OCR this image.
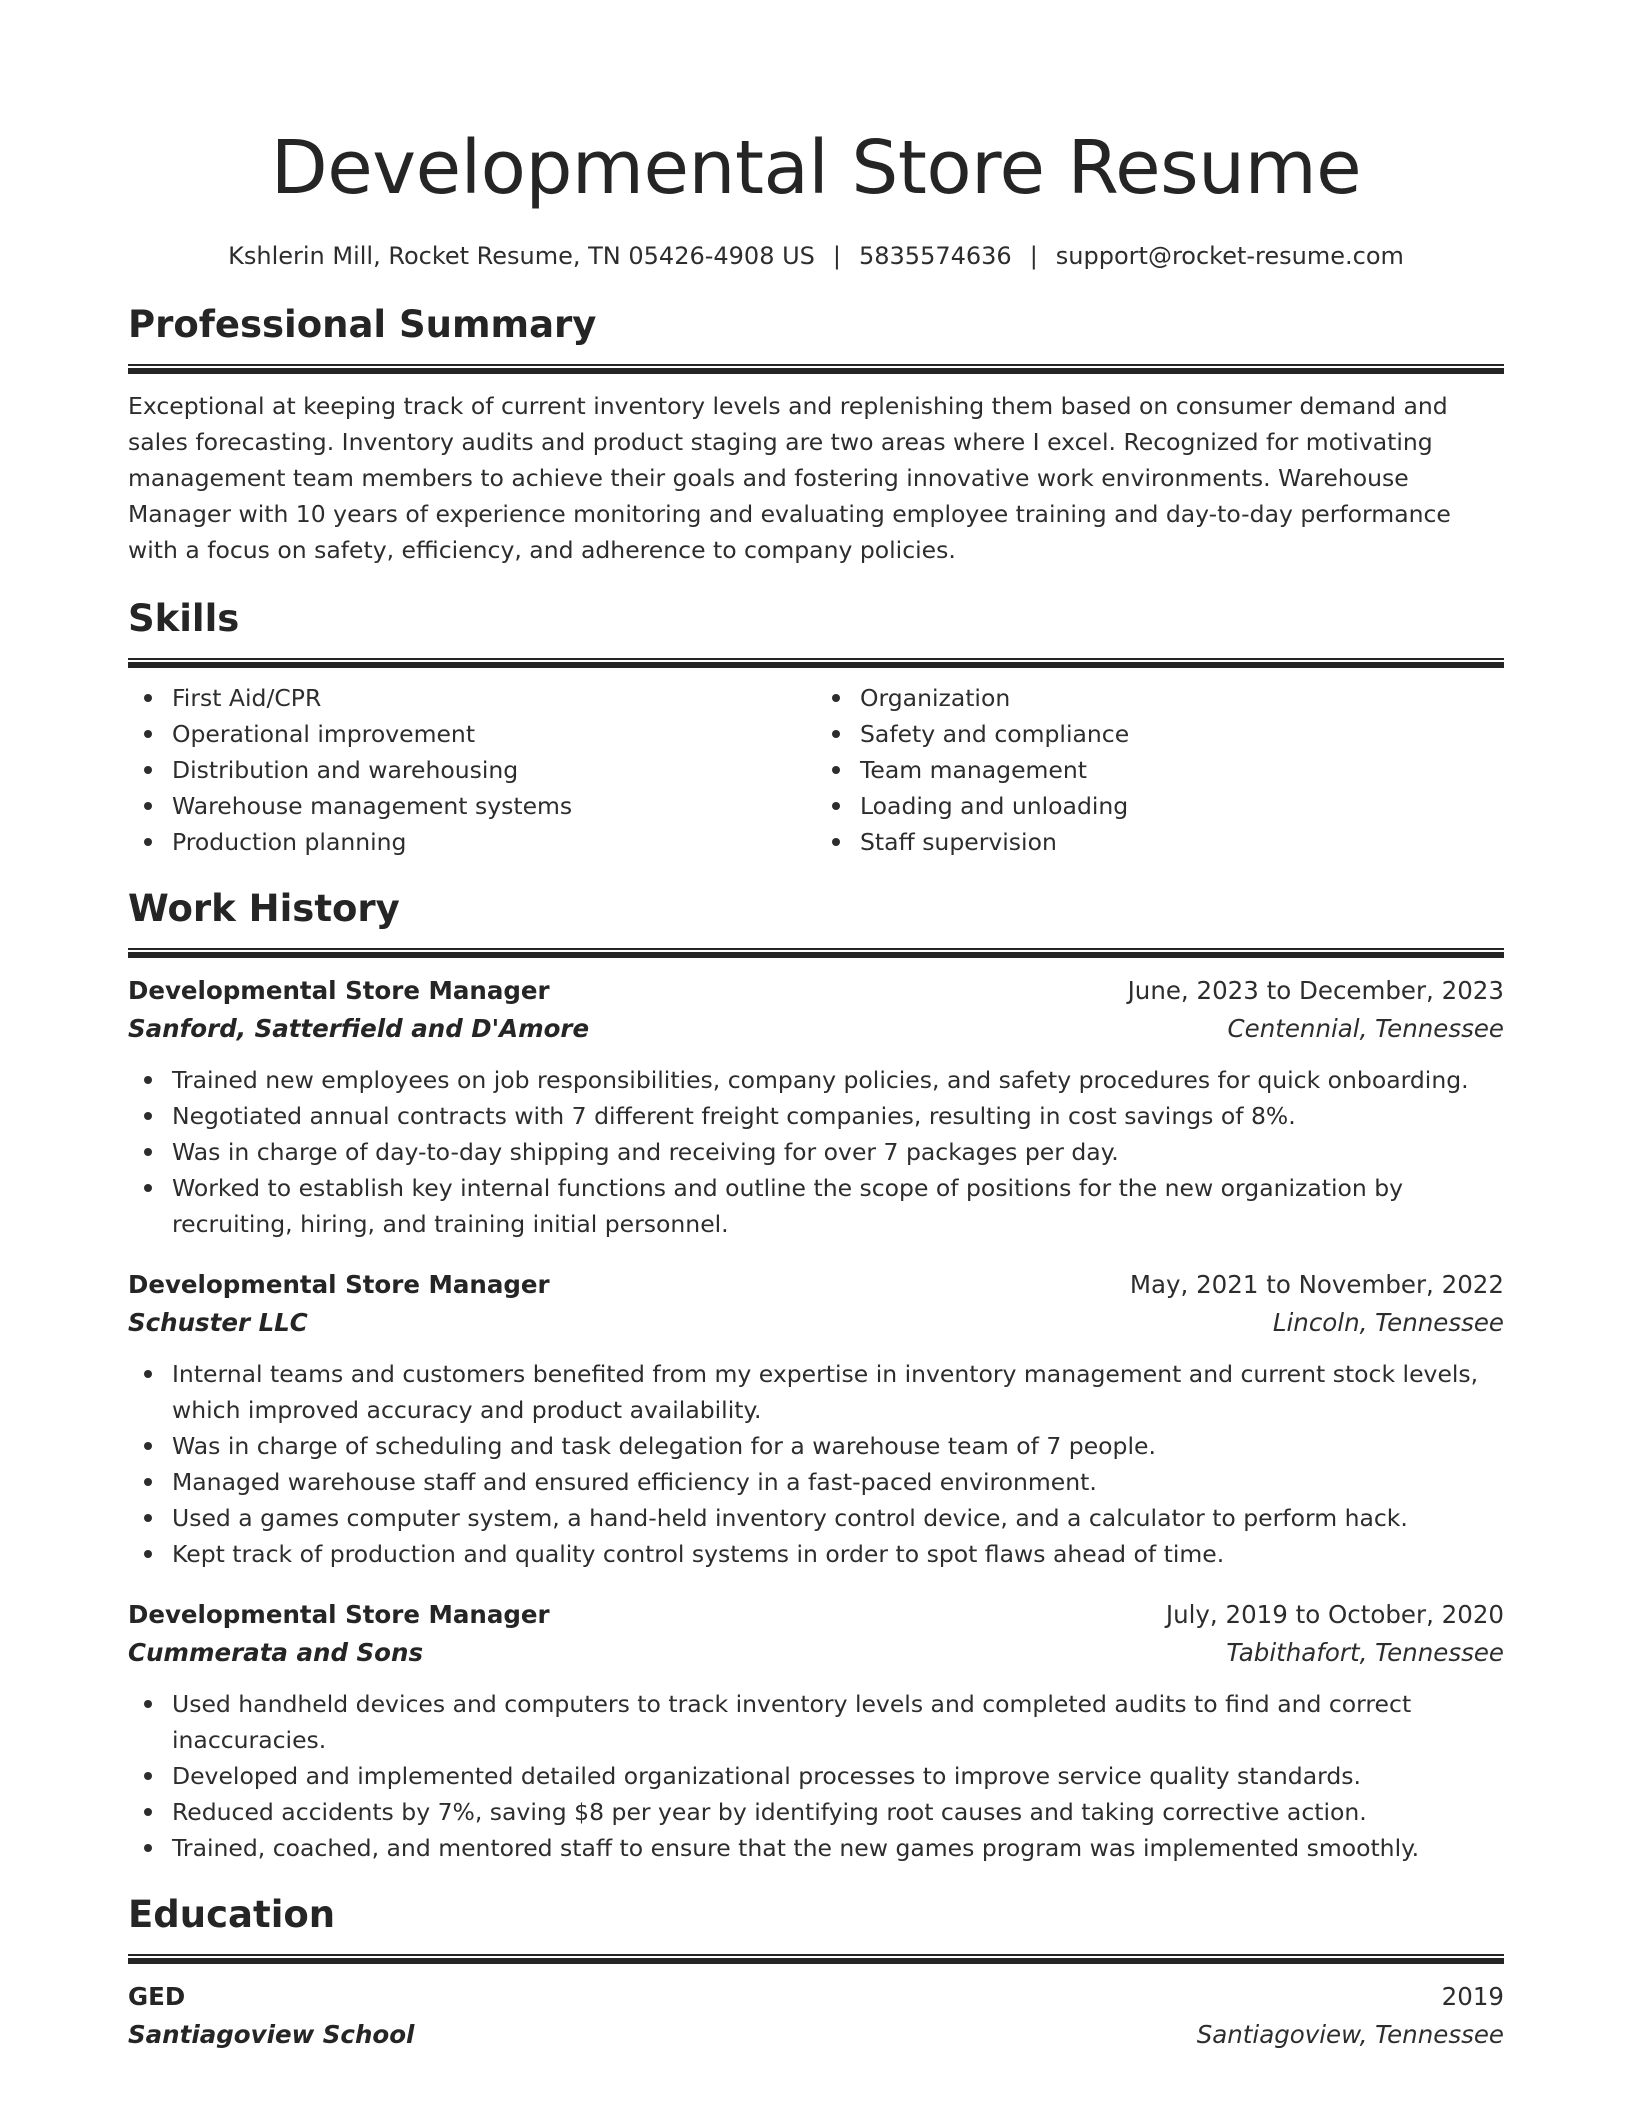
Developmental Store Resume
Kshlerin Mill, Rocket Resume, TN 05426-4908 US | 5835574636 | support@rocket-resume.com
Professional Summary

Exceptional at keeping track of current inventory levels and replenishing them based on consumer demand and sales forecasting. Inventory audits and product staging are two areas where I excel. Recognized for motivating management team members to achieve their goals and fostering innovative work environments. Warehouse Manager with 10 years of experience monitoring and evaluating employee training and day-to-day performance with a focus on safety, efficiency, and adherence to company policies.

Skills
First Aid/CPR
Operational improvement
Distribution and warehousing
Warehouse management systems
Production planning
Organization
Safety and compliance
Team management
Loading and unloading
Staff supervision
Work History
Developmental Store Manager	June, 2023 to December, 2023
Sanford, Satterfield and D'Amore	Centennial, Tennessee
Trained new employees on job responsibilities, company policies, and safety procedures for quick onboarding.
Negotiated annual contracts with 7 different freight companies, resulting in cost savings of 8%.
Was in charge of day-to-day shipping and receiving for over 7 packages per day.
Worked to establish key internal functions and outline the scope of positions for the new organization by recruiting, hiring, and training initial personnel.
Developmental Store Manager	May, 2021 to November, 2022
Schuster LLC	Lincoln, Tennessee
Internal teams and customers benefited from my expertise in inventory management and current stock levels, which improved accuracy and product availability.
Was in charge of scheduling and task delegation for a warehouse team of 7 people.
Managed warehouse staff and ensured efficiency in a fast-paced environment.
Used a games computer system, a hand-held inventory control device, and a calculator to perform hack.
Kept track of production and quality control systems in order to spot flaws ahead of time.
Developmental Store Manager	July, 2019 to October, 2020
Cummerata and Sons	Tabithafort, Tennessee
Used handheld devices and computers to track inventory levels and completed audits to find and correct inaccuracies.
Developed and implemented detailed organizational processes to improve service quality standards.
Reduced accidents by 7%, saving $8 per year by identifying root causes and taking corrective action.
Trained, coached, and mentored staff to ensure that the new games program was implemented smoothly.
Education
GED	2019
Santiagoview School	Santiagoview, Tennessee
